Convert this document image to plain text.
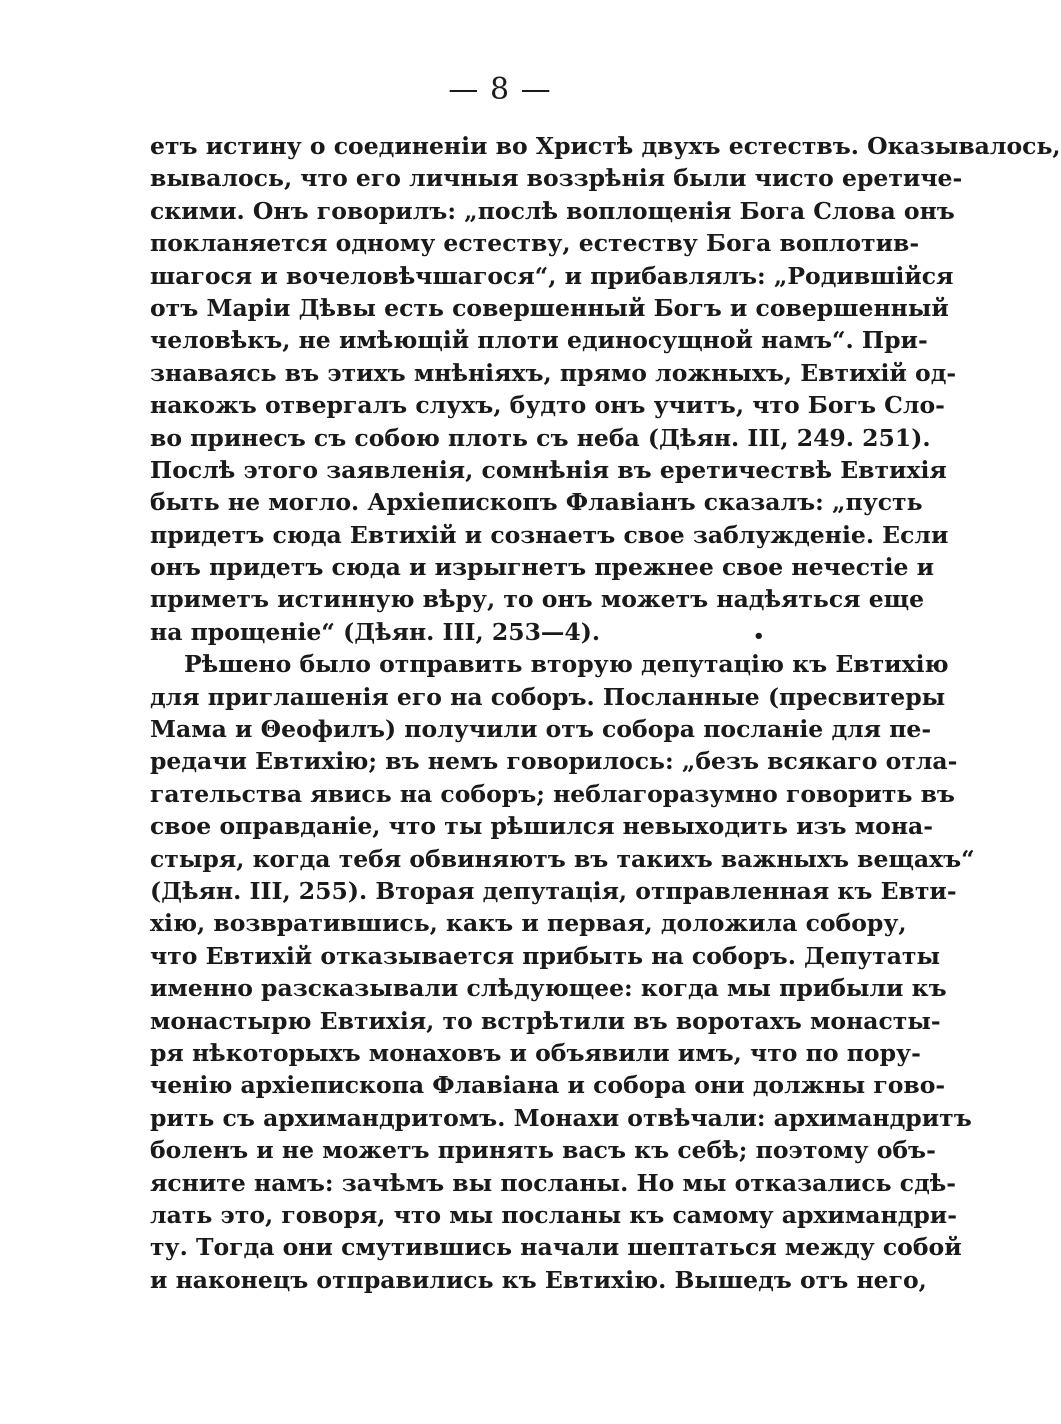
— 8 —
етъ истину о соединеніи во Христѣ двухъ естествъ. Оказывалось,
вывалось, что его личныя воззрѣнія были чисто еретиче-
скими. Онъ говорилъ: „послѣ воплощенія Бога Слова онъ
покланяется одному естеству, естеству Бога воплотив-
шагося и вочеловѣчшагося“, и прибавлялъ: „Родившійся
отъ Маріи Дѣвы есть совершенный Богъ и совершенный
человѣкъ, не имѣющій плоти единосущной намъ“. При-
знаваясь въ этихъ мнѣніяхъ, прямо ложныхъ, Евтихій од-
накожъ отвергалъ слухъ, будто онъ учитъ, что Богъ Сло-
во принесъ съ собою плоть съ неба (Дѣян. III, 249. 251).
Послѣ этого заявленія, сомнѣнія въ еретичествѣ Евтихія
быть не могло. Архіепископъ Флавіанъ сказалъ: „пусть
придетъ сюда Евтихій и сознаетъ свое заблужденіе. Если
онъ придетъ сюда и изрыгнетъ прежнее свое нечестіе и
приметъ истинную вѣру, то онъ можетъ надѣяться еще
на прощеніе“ (Дѣян. III, 253—4).
Рѣшено было отправить вторую депутацію къ Евтихію
для приглашенія его на соборъ. Посланные (пресвитеры
Мама и Θеофилъ) получили отъ собора посланіе для пе-
редачи Евтихію; въ немъ говорилось: „безъ всякаго отла-
гательства явись на соборъ; неблагоразумно говорить въ
свое оправданіе, что ты рѣшился невыходить изъ мона-
стыря, когда тебя обвиняютъ въ такихъ важныхъ вещахъ“
(Дѣян. III, 255). Вторая депутація, отправленная къ Евти-
хію, возвратившись, какъ и первая, доложила собору,
что Евтихій отказывается прибыть на соборъ. Депутаты
именно разсказывали слѣдующее: когда мы прибыли къ
монастырю Евтихія, то встрѣтили въ воротахъ монасты-
ря нѣкоторыхъ монаховъ и объявили имъ, что по пору-
ченію архіепископа Флавіана и собора они должны гово-
рить съ архимандритомъ. Монахи отвѣчали: архимандритъ
боленъ и не можетъ принять васъ къ себѣ; поэтому объ-
ясните намъ: зачѣмъ вы посланы. Но мы отказались сдѣ-
лать это, говоря, что мы посланы къ самому архимандри-
ту. Тогда они смутившись начали шептаться между собой
и наконецъ отправились къ Евтихію. Вышедъ отъ него,
•
